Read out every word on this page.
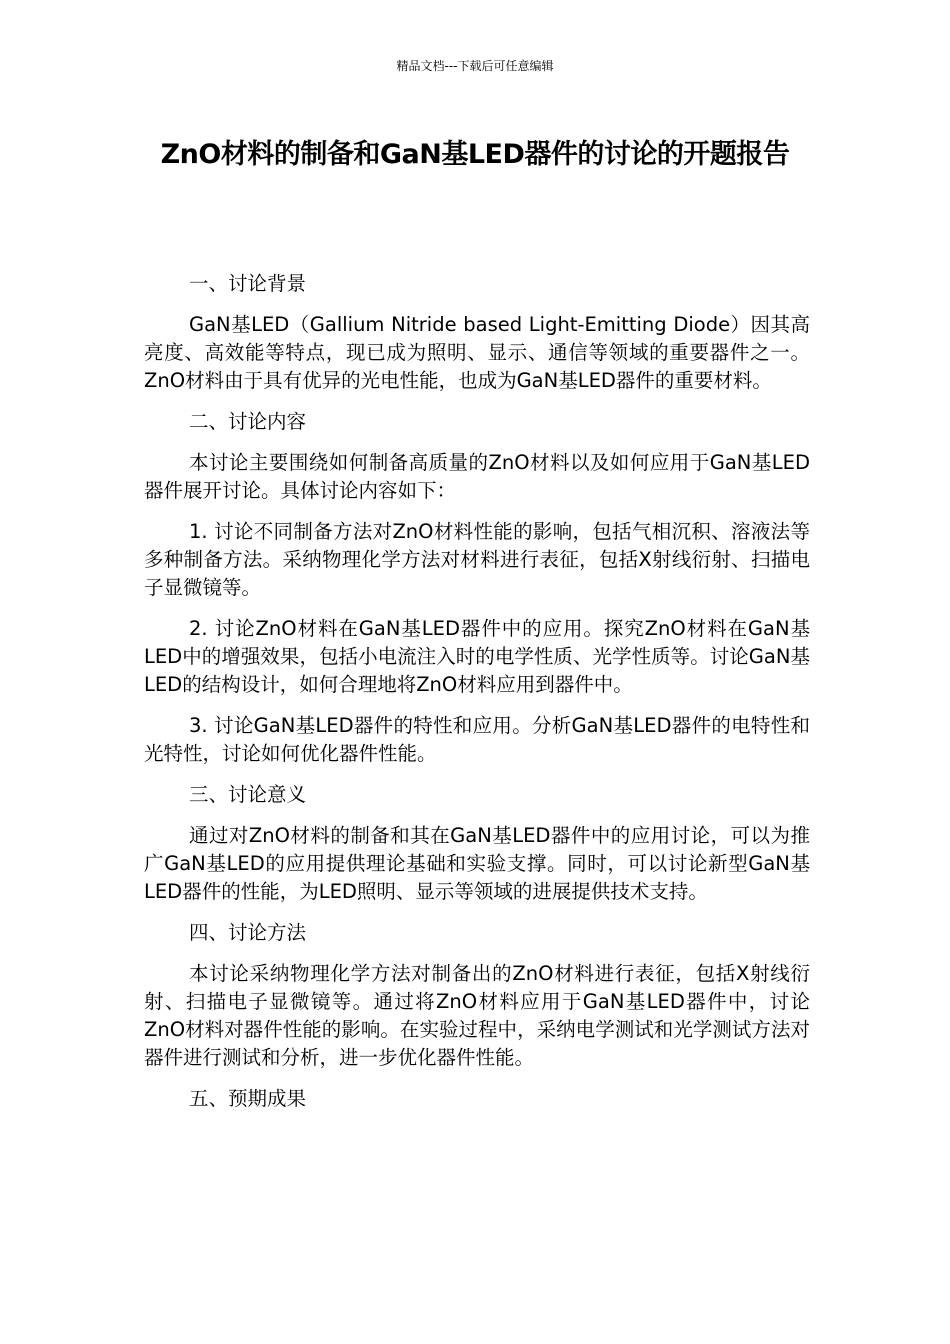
精品文档---下载后可任意编辑
ZnO材料的制备和GaN基LED器件的讨论的开题报告
一、讨论背景
GaN基LED（Gallium Nitride based Light-Emitting Diode）因其高亮度、高效能等特点，现已成为照明、显示、通信等领域的重要器件之一。ZnO材料由于具有优异的光电性能，也成为GaN基LED器件的重要材料。
二、讨论内容
本讨论主要围绕如何制备高质量的ZnO材料以及如何应用于GaN基LED器件展开讨论。具体讨论内容如下：
1. 讨论不同制备方法对ZnO材料性能的影响，包括气相沉积、溶液法等多种制备方法。采纳物理化学方法对材料进行表征，包括X射线衍射、扫描电子显微镜等。
2. 讨论ZnO材料在GaN基LED器件中的应用。探究ZnO材料在GaN基LED中的增强效果，包括小电流注入时的电学性质、光学性质等。讨论GaN基LED的结构设计，如何合理地将ZnO材料应用到器件中。
3. 讨论GaN基LED器件的特性和应用。分析GaN基LED器件的电特性和光特性，讨论如何优化器件性能。
三、讨论意义
通过对ZnO材料的制备和其在GaN基LED器件中的应用讨论，可以为推广GaN基LED的应用提供理论基础和实验支撑。同时，可以讨论新型GaN基LED器件的性能，为LED照明、显示等领域的进展提供技术支持。
四、讨论方法
本讨论采纳物理化学方法对制备出的ZnO材料进行表征，包括X射线衍射、扫描电子显微镜等。通过将ZnO材料应用于GaN基LED器件中，讨论ZnO材料对器件性能的影响。在实验过程中，采纳电学测试和光学测试方法对器件进行测试和分析，进一步优化器件性能。
五、预期成果
